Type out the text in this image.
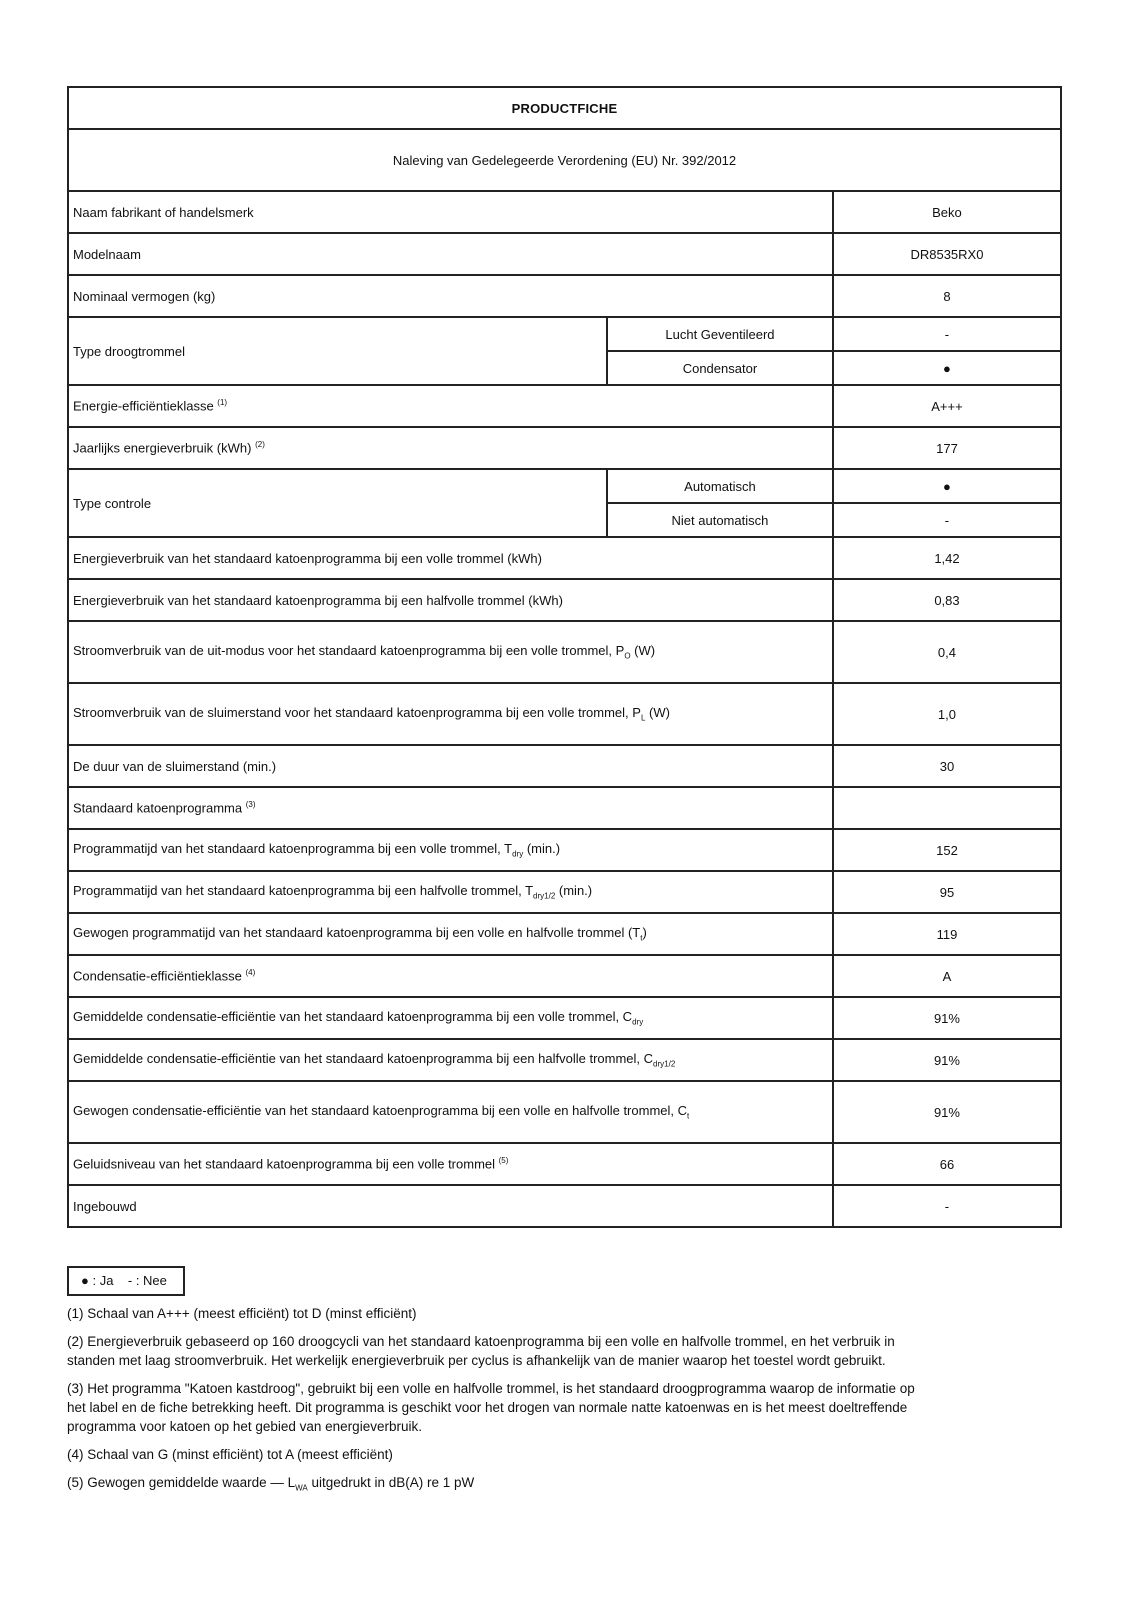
PRODUCTFICHE		
Naleving van Gedelegeerde Verordening (EU) Nr. 392/2012		
Naam fabrikant of handelsmerk		Beko
Modelnaam		DR8535RX0
Nominaal vermogen (kg)		8
Type droogtrommel	Lucht Geventileerd	-
	Condensator	●
Energie-efficiëntieklasse $^{(1)}$		A+++
Jaarlijks energieverbruik (kWh) $^{(2)}$		177
Type controle	Automatisch	●
	Niet automatisch	-
Energieverbruik van het standaard katoenprogramma bij een volle trommel (kWh)		1,42
Energieverbruik van het standaard katoenprogramma bij een halfvolle trommel (kWh)		0,83
Stroomverbruik van de uit-modus voor het standaard katoenprogramma bij een volle trommel, $P_O$ (W)		0,4
Stroomverbruik van de sluimerstand voor het standaard katoenprogramma bij een volle trommel, $P_L$ (W)		1,0
De duur van de sluimerstand (min.)		30
Standaard katoenprogramma $^{(3)}$	
Programmatijd van het standaard katoenprogramma bij een volle trommel, $T_{dry}$ (min.)		152
Programmatijd van het standaard katoenprogramma bij een halfvolle trommel, $T_{dry1/2}$ (min.)		95
Gewogen programmatijd van het standaard katoenprogramma bij een volle en halfvolle trommel $(T_t)$		119
Condensatie-efficiëntieklasse $^{(4)}$		A
Gemiddelde condensatie-efficiëntie van het standaard katoenprogramma bij een volle trommel, $C_{dry}$		91%
Gemiddelde condensatie-efficiëntie van het standaard katoenprogramma bij een halfvolle trommel, $C_{dry1/2}$		91%
Gewogen condensatie-efficiëntie van het standaard katoenprogramma bij een volle en halfvolle trommel, $C_t$		91%
Geluidsniveau van het standaard katoenprogramma bij een volle trommel $^{(5)}$		66
Ingebouwd		-
● : Ja - : Nee

(1) Schaal van A+++ (meest efficiënt) tot D (minst efficiënt)

(2) Energieverbruik gebaseerd op 160 droogcycli van het standaard katoenprogramma bij een volle en halfvolle trommel, en het verbruik in standen met laag stroomverbruik. Het werkelijk energieverbruik per cyclus is afhankelijk van de manier waarop het toestel wordt gebruikt.

(3) Het programma "Katoen kastdroog", gebruikt bij een volle en halfvolle trommel, is het standaard droogprogramma waarop de informatie op het label en de fiche betrekking heeft. Dit programma is geschikt voor het drogen van normale natte katoenwas en is het meest doeltreffende programma voor katoen op het gebied van energieverbruik.

(4) Schaal van G (minst efficiënt) tot A (meest efficiënt)

(5) Gewogen gemiddelde waarde — $L_{WA}$ uitgedrukt in dB(A) re 1 pW
